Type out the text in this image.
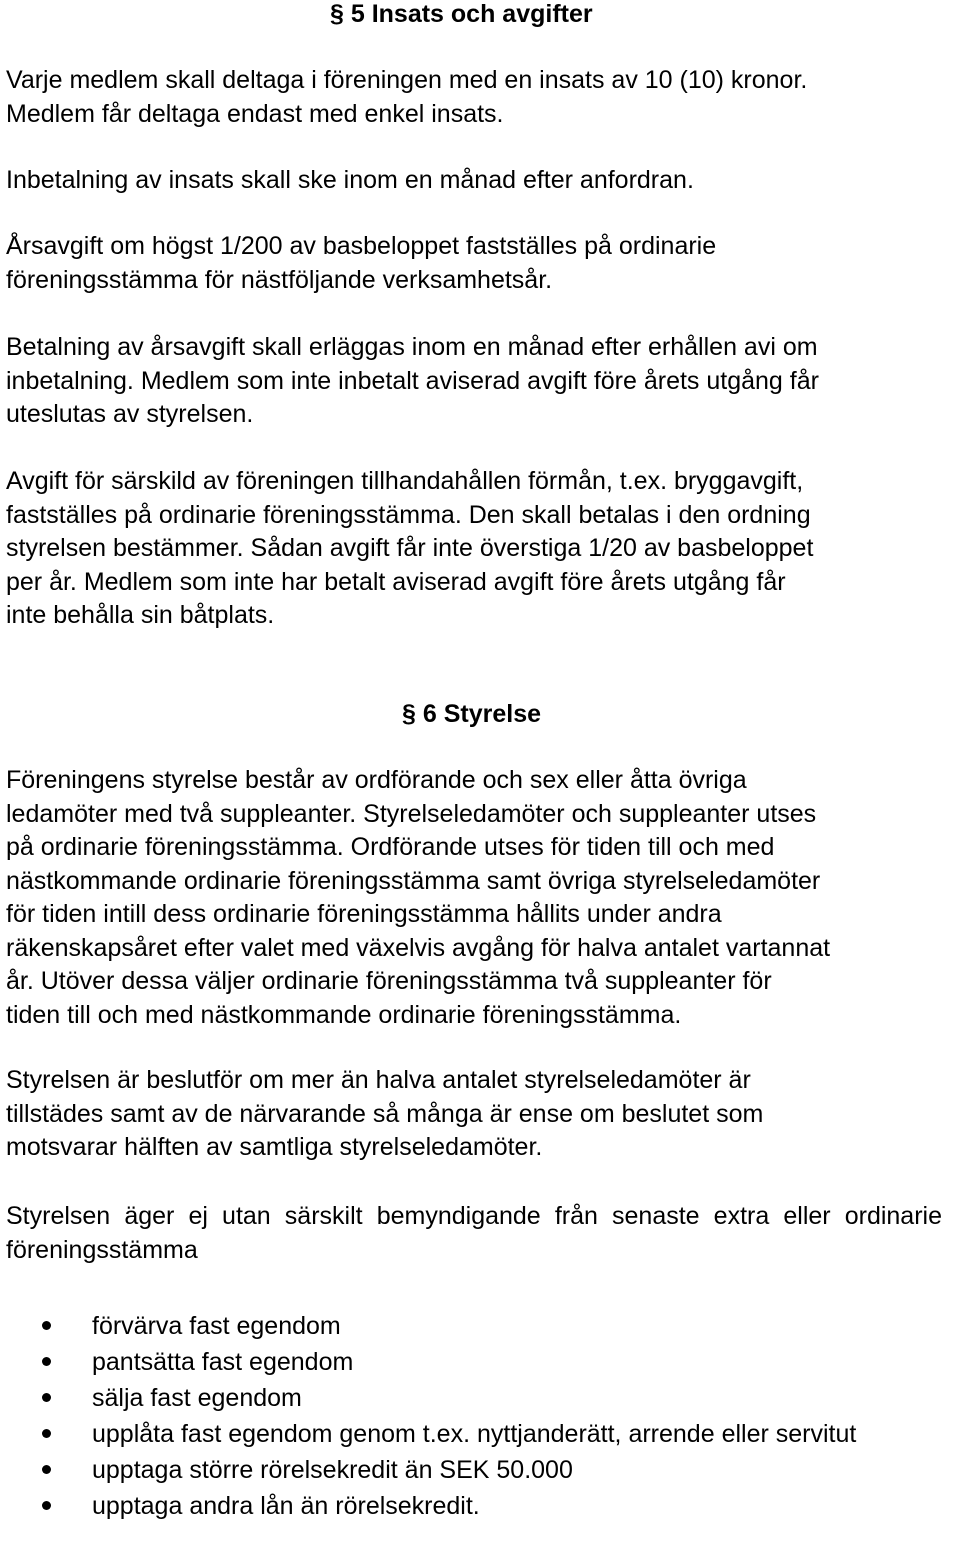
§ 5 Insats och avgifter

Varje medlem skall deltaga i föreningen med en insats av 10 (10) kronor.
Medlem får deltaga endast med enkel insats.

Inbetalning av insats skall ske inom en månad efter anfordran.

Årsavgift om högst 1/200 av basbeloppet fastställes på ordinarie
föreningsstämma för nästföljande verksamhetsår.

Betalning av årsavgift skall erläggas inom en månad efter erhållen avi om
inbetalning. Medlem som inte inbetalt aviserad avgift före årets utgång får
uteslutas av styrelsen.

Avgift för särskild av föreningen tillhandahållen förmån, t.ex. bryggavgift,
fastställes på ordinarie föreningsstämma. Den skall betalas i den ordning
styrelsen bestämmer. Sådan avgift får inte överstiga 1/20 av basbeloppet
per år. Medlem som inte har betalt aviserad avgift före årets utgång får
inte behålla sin båtplats.

§ 6 Styrelse

Föreningens styrelse består av ordförande och sex eller åtta övriga
ledamöter med två suppleanter. Styrelseledamöter och suppleanter utses
på ordinarie föreningsstämma. Ordförande utses för tiden till och med
nästkommande ordinarie föreningsstämma samt övriga styrelseledamöter
för tiden intill dess ordinarie föreningsstämma hållits under andra
räkenskapsåret efter valet med växelvis avgång för halva antalet vartannat
år. Utöver dessa väljer ordinarie föreningsstämma två suppleanter för
tiden till och med nästkommande ordinarie föreningsstämma.

Styrelsen är beslutför om mer än halva antalet styrelseledamöter är
tillstädes samt av de närvarande så många är ense om beslutet som
motsvarar hälften av samtliga styrelseledamöter.

Styrelsen äger ej utan särskilt bemyndigande från senaste extra eller ordinarie föreningsstämma

förvärva fast egendom
pantsätta fast egendom
sälja fast egendom
upplåta fast egendom genom t.ex. nyttjanderätt, arrende eller servitut
upptaga större rörelsekredit än SEK 50.000
upptaga andra lån än rörelsekredit.
